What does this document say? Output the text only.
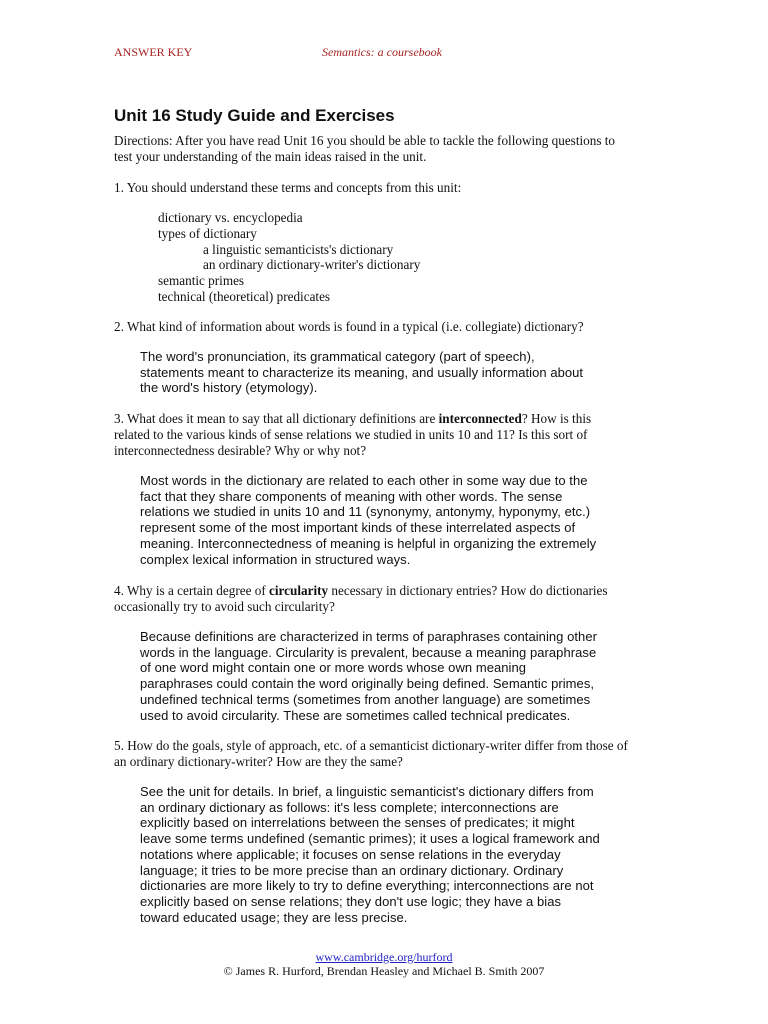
ANSWER KEY	Semantics: a coursebook
Unit 16 Study Guide and Exercises
Directions: After you have read Unit 16 you should be able to tackle the following questions to
test your understanding of the main ideas raised in the unit.
1. You should understand these terms and concepts from this unit:
dictionary vs. encyclopedia
types of dictionary
a linguistic semanticists's dictionary
an ordinary dictionary-writer's dictionary
semantic primes
technical (theoretical) predicates
2. What kind of information about words is found in a typical (i.e. collegiate) dictionary?
The word's pronunciation, its grammatical category (part of speech),
statements meant to characterize its meaning, and usually information about
the word's history (etymology).
3. What does it mean to say that all dictionary definitions are interconnected? How is this
related to the various kinds of sense relations we studied in units 10 and 11? Is this sort of
interconnectedness desirable? Why or why not?
Most words in the dictionary are related to each other in some way due to the
fact that they share components of meaning with other words. The sense
relations we studied in units 10 and 11 (synonymy, antonymy, hyponymy, etc.)
represent some of the most important kinds of these interrelated aspects of
meaning. Interconnectedness of meaning is helpful in organizing the extremely
complex lexical information in structured ways.
4. Why is a certain degree of circularity necessary in dictionary entries? How do dictionaries
occasionally try to avoid such circularity?
Because definitions are characterized in terms of paraphrases containing other
words in the language. Circularity is prevalent, because a meaning paraphrase
of one word might contain one or more words whose own meaning
paraphrases could contain the word originally being defined. Semantic primes,
undefined technical terms (sometimes from another language) are sometimes
used to avoid circularity. These are sometimes called technical predicates.
5. How do the goals, style of approach, etc. of a semanticist dictionary-writer differ from those of
an ordinary dictionary-writer? How are they the same?
See the unit for details. In brief, a linguistic semanticist's dictionary differs from
an ordinary dictionary as follows: it's less complete; interconnections are
explicitly based on interrelations between the senses of predicates; it might
leave some terms undefined (semantic primes); it uses a logical framework and
notations where applicable; it focuses on sense relations in the everyday
language; it tries to be more precise than an ordinary dictionary. Ordinary
dictionaries are more likely to try to define everything; interconnections are not
explicitly based on sense relations; they don't use logic; they have a bias
toward educated usage; they are less precise.
www.cambridge.org/hurford
© James R. Hurford, Brendan Heasley and Michael B. Smith 2007
